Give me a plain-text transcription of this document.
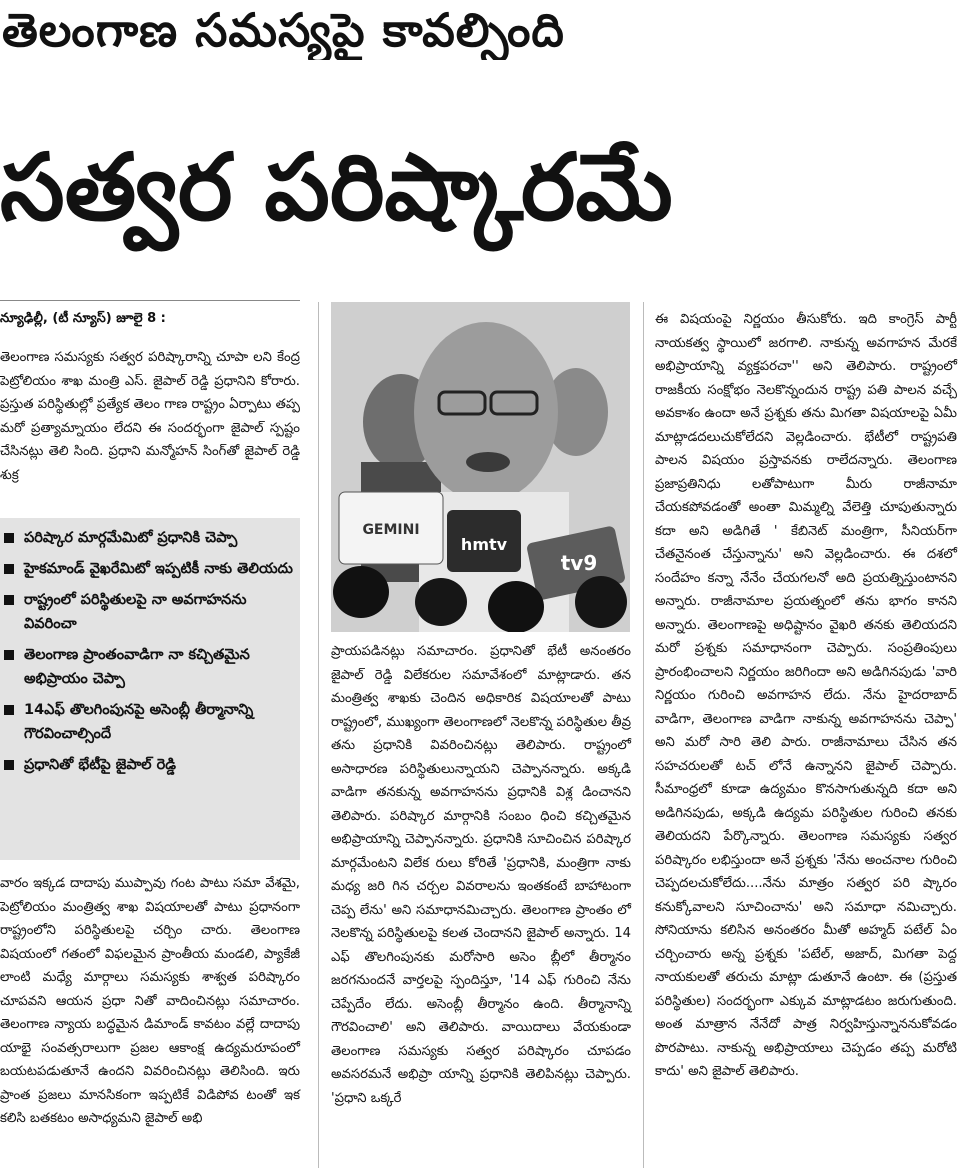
తెలంగాణ సమస్యపై కావల్సింది
సత్వర పరిష్కారమే
న్యూఢిల్లీ, (టీ న్యూస్) జూలై 8 :

తెలంగాణ సమస్యకు సత్వర పరిష్కారాన్ని చూపా లని కేంద్ర పెట్రోలియం శాఖ మంత్రి ఎస్. జైపాల్ రెడ్డి ప్రధానిని కోరారు. ప్రస్తుత పరిస్థితుల్లో ప్రత్యేక తెలం గాణ రాష్ట్రం ఏర్పాటు తప్ప మరో ప్రత్యామ్నాయం లేదని ఈ సందర్భంగా జైపాల్ స్పష్టం చేసినట్లు తెలి సింది. ప్రధాని మన్మోహన్ సింగ్‌తో జైపాల్ రెడ్డి శుక్ర

పరిష్కార మార్గమేమిటో ప్రధానికి చెప్పా
హైకమాండ్ వైఖరేమిటో ఇప్పటికీ నాకు తెలియదు
రాష్ట్రంలో పరిస్థితులపై నా అవగాహనను వివరించా
తెలంగాణ ప్రాంతంవాడిగా నా కచ్చితమైన అభిప్రాయం చెప్పా
14ఎఫ్ తొలగింపునపై అసెంబ్లీ తీర్మానాన్ని గౌరవించాల్సిందే
ప్రధానితో భేటీపై జైపాల్ రెడ్డి

వారం ఇక్కడ దాదాపు ముప్పావు గంట పాటు సమా వేశమై, పెట్రోలియం మంత్రిత్వ శాఖ విషయాలతో పాటు ప్రధానంగా రాష్ట్రంలోని పరిస్థితులపై చర్చిం చారు. తెలంగాణ విషయంలో గతంలో విఫలమైన ప్రాంతీయ మండలి, ప్యాకేజీ లాంటి మధ్యే మార్గాలు సమస్యకు శాశ్వత పరిష్కారం చూపవని ఆయన ప్రధా నితో వాదించినట్లు సమాచారం. తెలంగాణ న్యాయ బద్ధమైన డిమాండ్ కావటం వల్లే దాదాపు యాభై సంవత్సరాలుగా ప్రజల ఆకాంక్ష ఉద్యమరూపంలో బయటపడుతూనే ఉందని వివరించినట్లు తెలిసింది. ఇరు ప్రాంత ప్రజలు మానసికంగా ఇప్పటికే విడిపోవ టంతో ఇక కలిసి బతకటం అసాధ్యమని జైపాల్ అభి

GEMINI
hmtv
tv9

ప్రాయపడినట్లు సమాచారం. ప్రధానితో భేటీ అనంతరం జైపాల్ రెడ్డి విలేకరుల సమావేశంలో మాట్లాడారు. తన మంత్రిత్వ శాఖకు చెందిన అధికారిక విషయాలతో పాటు రాష్ట్రంలో, ముఖ్యంగా తెలంగాణలో నెలకొన్న పరిస్థితుల తీవ్ర తను ప్రధానికి వివరించినట్లు తెలిపారు. రాష్ట్రంలో అసాధారణ పరిస్థితులున్నాయని చెప్పానన్నారు. అక్కడి వాడిగా తనకున్న అవగాహనను ప్రధానికి విశ్ల డించానని తెలిపారు. పరిష్కార మార్గానికి సంబం ధించి కచ్చితమైన అభిప్రాయాన్ని చెప్పానన్నారు. ప్రధానికి సూచించిన పరిష్కార మార్గమేంటని విలేక రులు కోరితే 'ప్రధానికి, మంత్రిగా నాకు మధ్య జరి గిన చర్చల వివరాలను ఇంతకంటే బాహాటంగా చెప్ప లేను' అని సమాధానమిచ్చారు. తెలంగాణ ప్రాంతం లో నెలకొన్న పరిస్థితులపై కలత చెందానని జైపాల్ అన్నారు. 14 ఎఫ్ తొలగింపునకు మరోసారి అసెం బ్లీలో తీర్మానం జరగనుందనే వార్తలపై స్పందిస్తూ, '14 ఎఫ్ గురించి నేను చెప్పేదేం లేదు. అసెంబ్లీ తీర్మానం ఉంది. తీర్మానాన్ని గౌరవించాలి' అని తెలిపారు. వాయిదాలు వేయకుండా తెలంగాణ సమస్యకు సత్వర పరిష్కారం చూపడం అవసరమనే అభిప్రా యాన్ని ప్రధానికి తెలిపినట్లు చెప్పారు. 'ప్రధాని ఒక్కరే

ఈ విషయంపై నిర్ణయం తీసుకోరు. ఇది కాంగ్రెస్ పార్టీ నాయకత్వ స్థాయిలో జరగాలి. నాకున్న అవగాహన మేరకే అభిప్రాయాన్ని వ్యక్తపరచా'' అని తెలిపారు. రాష్ట్రంలో రాజకీయ సంక్షోభం నెలకొన్నందున రాష్ట్ర పతి పాలన వచ్చే అవకాశం ఉందా అనే ప్రశ్నకు తను మిగతా విషయాలపై ఏమీ మాట్లాడదలుచుకోలేదని వెల్లడించారు. భేటీలో రాష్ట్రపతి పాలన విషయం ప్రస్తావనకు రాలేదన్నారు. తెలంగాణ ప్రజాప్రతినిధు లతోపాటుగా మీరు రాజీనామా చేయకపోవడంతో అంతా మిమ్మల్ని వేలెత్తి చూపుతున్నారు కదా అని అడిగితే ' కేబినెట్ మంత్రిగా, సీనియర్‌గా చేతనైనంత చేస్తున్నాను' అని వెల్లడించారు. ఈ దశలో సందేహం కన్నా నేనేం చేయగలనో అది ప్రయత్నిస్తుంటానని అన్నారు. రాజీనామాల ప్రయత్నంలో తను భాగం కానని అన్నారు. తెలంగాణపై అధిష్టానం వైఖరి తనకు తెలియదని మరో ప్రశ్నకు సమాధానంగా చెప్పారు. సంప్రతింపులు ప్రారంభించాలని నిర్ణయం జరిగిందా అని అడిగినపుడు 'వారి నిర్ణయం గురించి అవగాహన లేదు. నేను హైదరాబాద్ వాడిగా, తెలంగాణ వాడిగా నాకున్న అవగాహనను చెప్పా' అని మరో సారి తెలి పారు. రాజీనామాలు చేసిన తన సహచరులతో టచ్ లోనే ఉన్నానని జైపాల్ చెప్పారు. సీమాంధ్రలో కూడా ఉద్యమం కొనసాగుతున్నది కదా అని అడిగినపుడు, అక్కడి ఉద్యమ పరిస్థితుల గురించి తనకు తెలియదని పేర్కొన్నారు. తెలంగాణ సమస్యకు సత్వర పరిష్కారం లభిస్తుందా అనే ప్రశ్నకు 'నేను అంచనాల గురించి చెప్పదలచుకోలేదు....నేను మాత్రం సత్వర పరి ష్కారం కనుక్కోవాలని సూచించాను' అని సమాధా నమిచ్చారు. సోనియాను కలిసిన అనంతరం మీతో అహ్మద్ పటేల్ ఏం చర్చించారు అన్న ప్రశ్నకు 'పటేల్, అజాద్, మిగతా పెద్ద నాయకులతో తరుచు మాట్లా డుతూనే ఉంటా. ఈ (ప్రస్తుత పరిస్థితుల) సందర్భంగా ఎక్కువ మాట్లాడటం జరుగుతుంది. అంత మాత్రాన నేనేదో పాత్ర నిర్వహిస్తున్నాననుకోవడం పొరపాటు. నాకున్న అభిప్రాయాలు చెప్పడం తప్ప మరోటి కాదు' అని జైపాల్ తెలిపారు.
